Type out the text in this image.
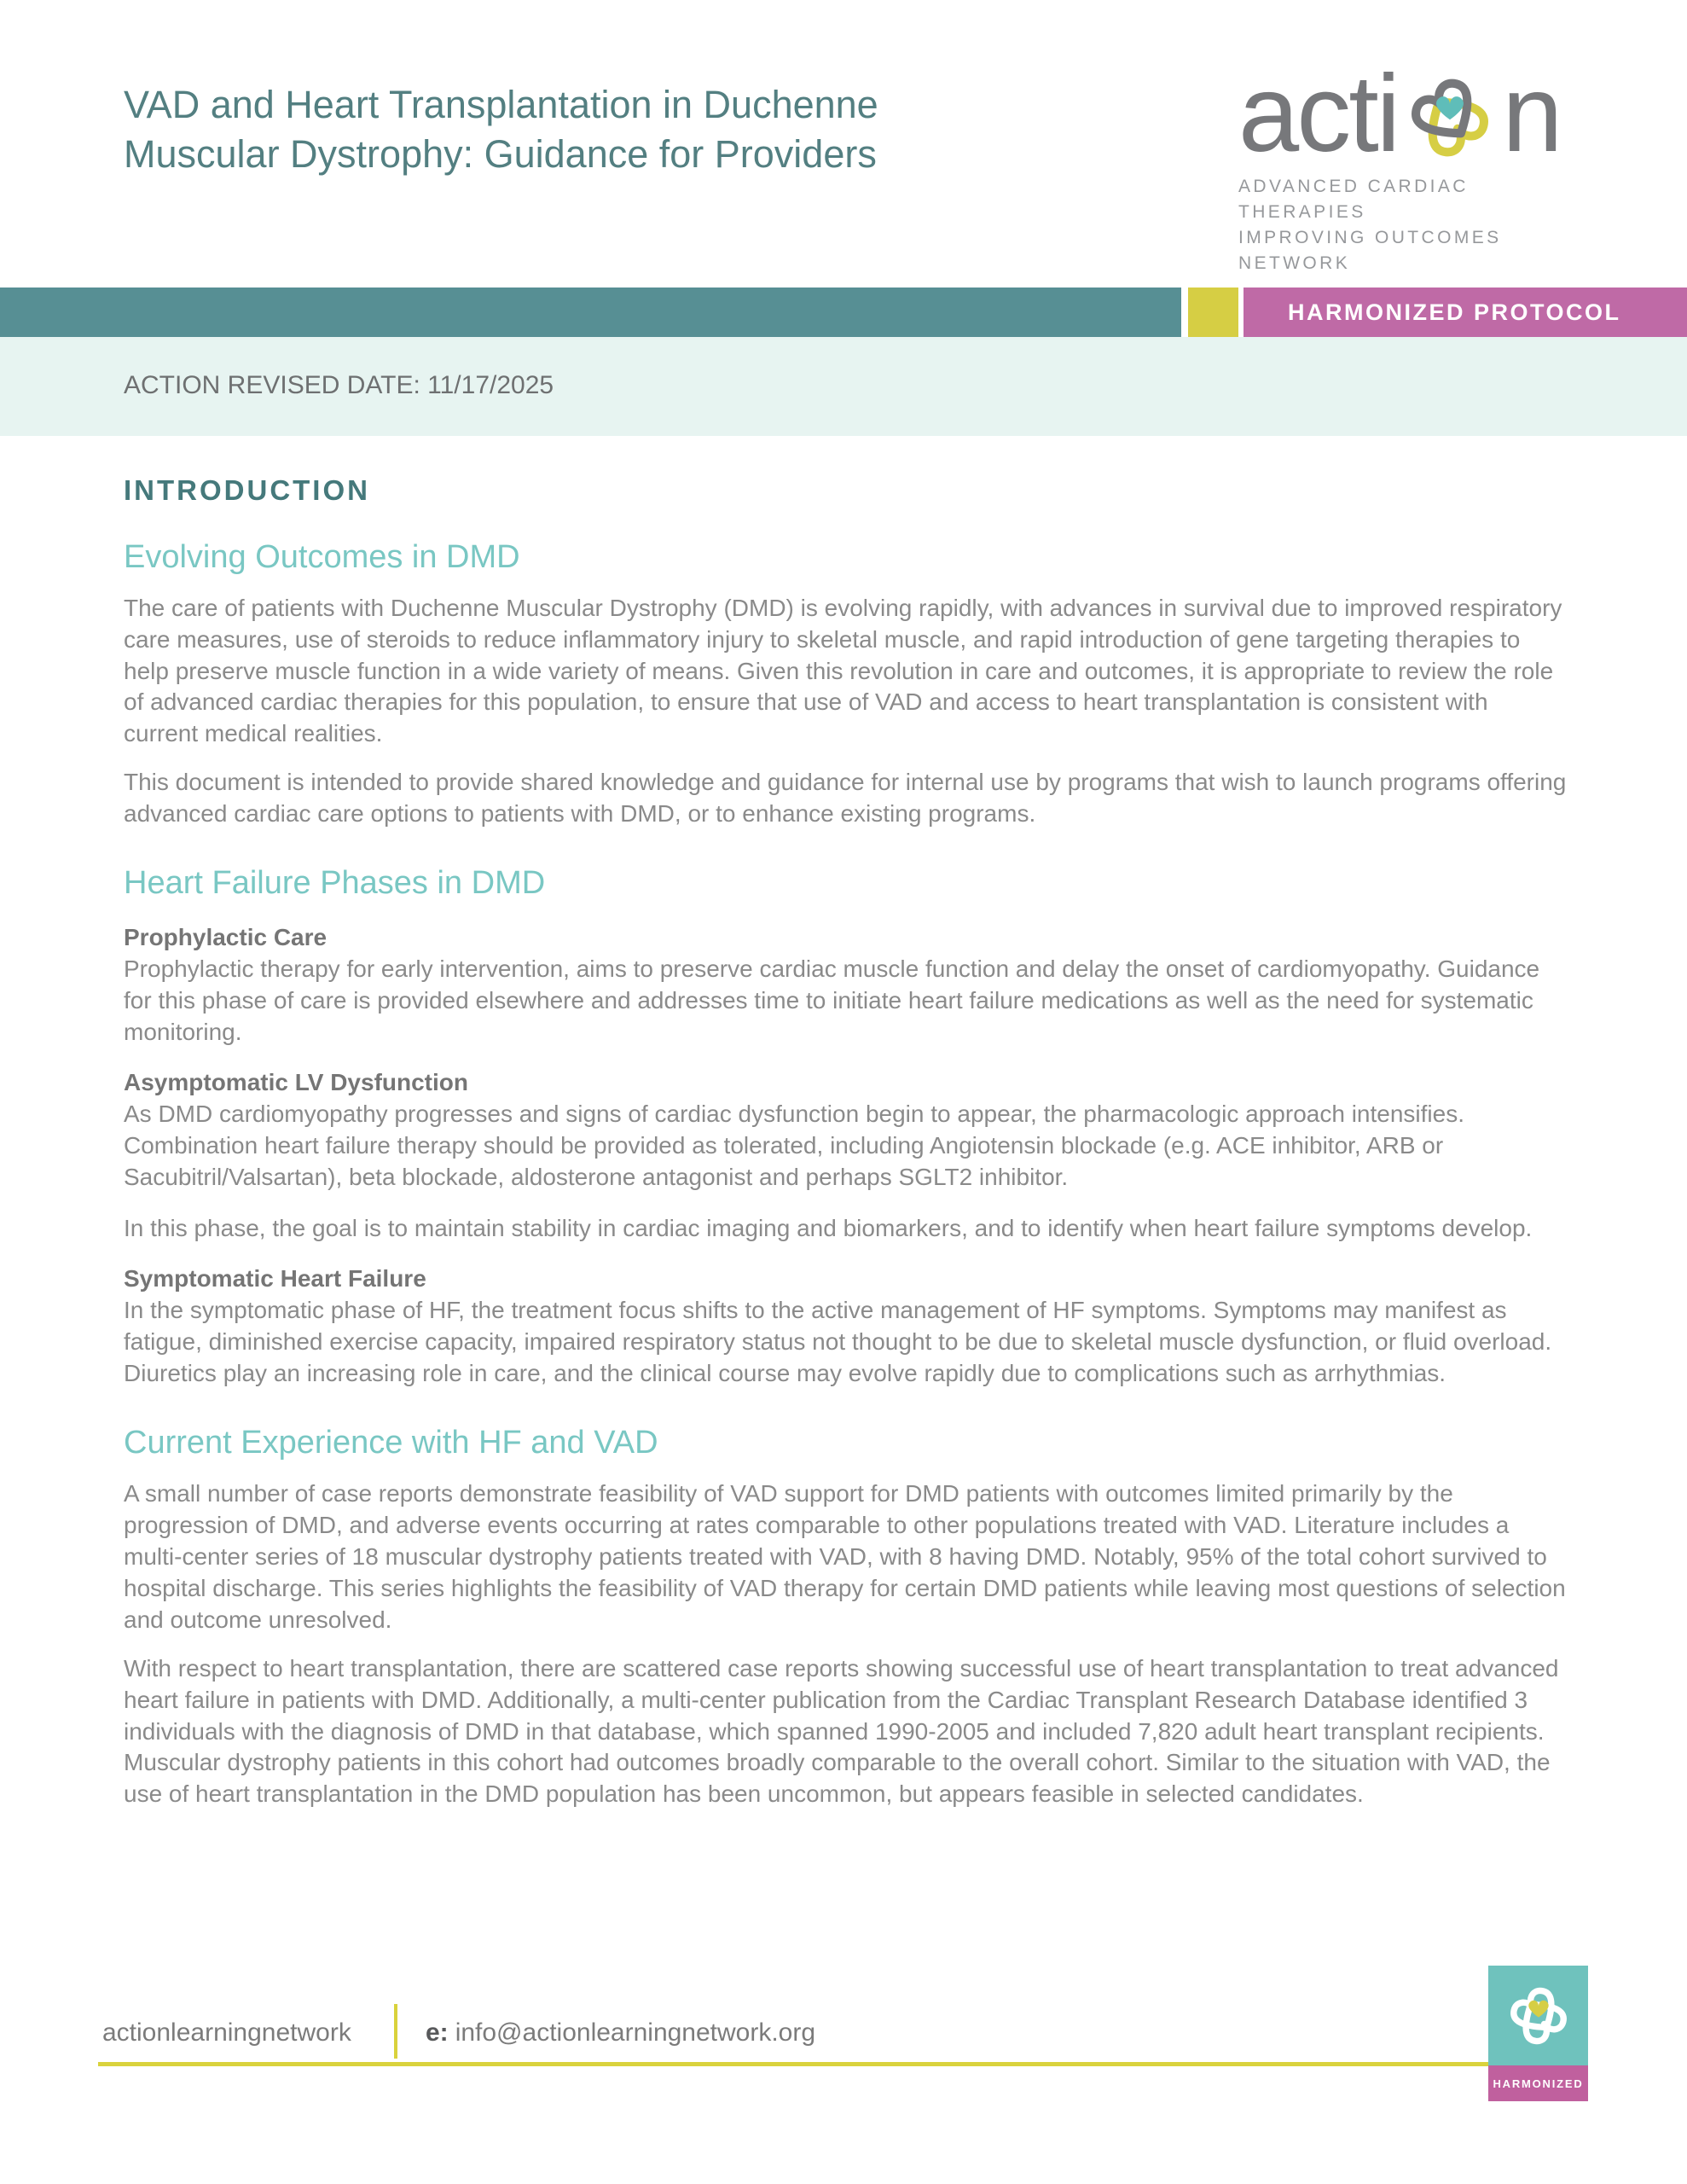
VAD and Heart Transplantation in Duchenne
Muscular Dystrophy: Guidance for Providers	acti n
ADVANCED CARDIAC THERAPIES
IMPROVING OUTCOMES NETWORK
HARMONIZED PROTOCOL
ACTION REVISED DATE: 11/17/2025
INTRODUCTION
Evolving Outcomes in DMD

The care of patients with Duchenne Muscular Dystrophy (DMD) is evolving rapidly, with advances in survival due to improved respiratory care measures, use of steroids to reduce inflammatory injury to skeletal muscle, and rapid introduction of gene targeting therapies to help preserve muscle function in a wide variety of means. Given this revolution in care and outcomes, it is appropriate to review the role of advanced cardiac therapies for this population, to ensure that use of VAD and access to heart transplantation is consistent with current medical realities.

This document is intended to provide shared knowledge and guidance for internal use by programs that wish to launch programs offering advanced cardiac care options to patients with DMD, or to enhance existing programs.

Heart Failure Phases in DMD
Prophylactic Care

Prophylactic therapy for early intervention, aims to preserve cardiac muscle function and delay the onset of cardiomyopathy. Guidance for this phase of care is provided elsewhere and addresses time to initiate heart failure medications as well as the need for systematic monitoring.

Asymptomatic LV Dysfunction

As DMD cardiomyopathy progresses and signs of cardiac dysfunction begin to appear, the pharmacologic approach intensifies. Combination heart failure therapy should be provided as tolerated, including Angiotensin blockade (e.g. ACE inhibitor, ARB or Sacubitril/Valsartan), beta blockade, aldosterone antagonist and perhaps SGLT2 inhibitor.

In this phase, the goal is to maintain stability in cardiac imaging and biomarkers, and to identify when heart failure symptoms develop.

Symptomatic Heart Failure

In the symptomatic phase of HF, the treatment focus shifts to the active management of HF symptoms. Symptoms may manifest as fatigue, diminished exercise capacity, impaired respiratory status not thought to be due to skeletal muscle dysfunction, or fluid overload. Diuretics play an increasing role in care, and the clinical course may evolve rapidly due to complications such as arrhythmias.

Current Experience with HF and VAD

A small number of case reports demonstrate feasibility of VAD support for DMD patients with outcomes limited primarily by the progression of DMD, and adverse events occurring at rates comparable to other populations treated with VAD. Literature includes a multi-center series of 18 muscular dystrophy patients treated with VAD, with 8 having DMD. Notably, 95% of the total cohort survived to hospital discharge. This series highlights the feasibility of VAD therapy for certain DMD patients while leaving most questions of selection and outcome unresolved.

With respect to heart transplantation, there are scattered case reports showing successful use of heart transplantation to treat advanced heart failure in patients with DMD. Additionally, a multi-center publication from the Cardiac Transplant Research Database identified 3 individuals with the diagnosis of DMD in that database, which spanned 1990-2005 and included 7,820 adult heart transplant recipients. Muscular dystrophy patients in this cohort had outcomes broadly comparable to the overall cohort. Similar to the situation with VAD, the use of heart transplantation in the DMD population has been uncommon, but appears feasible in selected candidates.

actionlearningnetwork	e: info@actionlearningnetwork.org
HARMONIZED
